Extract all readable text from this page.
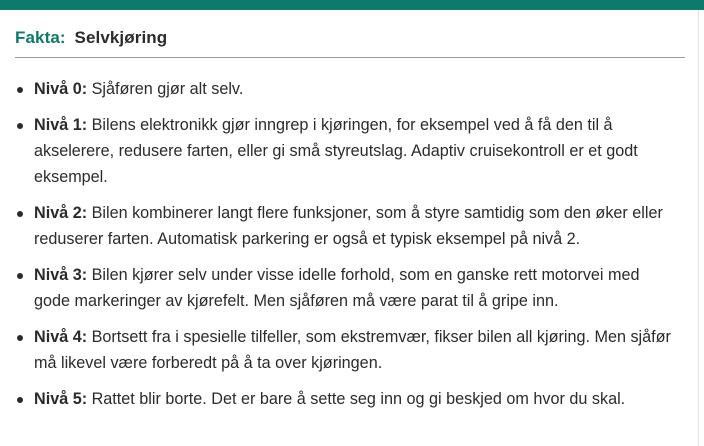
Fakta: Selvkjøring
Nivå 0: Sjåføren gjør alt selv.
Nivå 1: Bilens elektronikk gjør inngrep i kjøringen, for eksempel ved å få den til å akselerere, redusere farten, eller gi små styreutslag. Adaptiv cruisekontroll er et godt eksempel.
Nivå 2: Bilen kombinerer langt flere funksjoner, som å styre samtidig som den øker eller reduserer farten. Automatisk parkering er også et typisk eksempel på nivå 2.
Nivå 3: Bilen kjører selv under visse idelle forhold, som en ganske rett motorvei med gode markeringer av kjørefelt. Men sjåføren må være parat til å gripe inn.
Nivå 4: Bortsett fra i spesielle tilfeller, som ekstremvær, fikser bilen all kjøring. Men sjåfør må likevel være forberedt på å ta over kjøringen.
Nivå 5: Rattet blir borte. Det er bare å sette seg inn og gi beskjed om hvor du skal.
